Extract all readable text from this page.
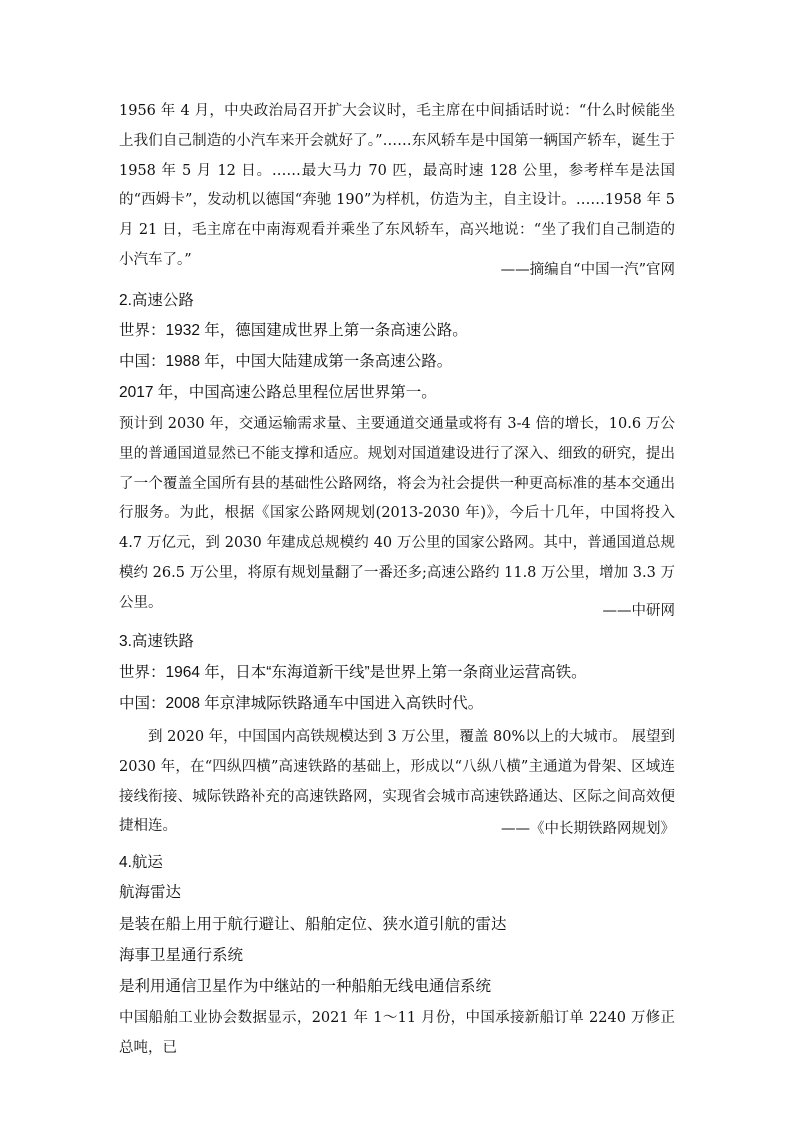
1956 年 4 月，中央政治局召开扩大会议时，毛主席在中间插话时说：“什么时候能坐上我们自己制造的小汽车来开会就好了。”……东风轿车是中国第一辆国产轿车，诞生于 1958 年 5 月 12 日。……最大马力 70 匹，最高时速 128 公里，参考样车是法国的“西姆卡”，发动机以德国“奔驰 190”为样机，仿造为主，自主设计。……1958 年 5 月 21 日，毛主席在中南海观看并乘坐了东风轿车，高兴地说：“坐了我们自己制造的小汽车了。”

——摘编自“中国一汽”官网

2.高速公路

世界：1932 年，德国建成世界上第一条高速公路。

中国：1988 年，中国大陆建成第一条高速公路。

2017 年，中国高速公路总里程位居世界第一。

预计到 2030 年，交通运输需求量、主要通道交通量或将有 3-4 倍的增长，10.6 万公里的普通国道显然已不能支撑和适应。规划对国道建设进行了深入、细致的研究，提出了一个覆盖全国所有县的基础性公路网络，将会为社会提供一种更高标准的基本交通出行服务。为此，根据《国家公路网规划(2013-2030 年)》，今后十几年，中国将投入 4.7 万亿元，到 2030 年建成总规模约 40 万公里的国家公路网。其中，普通国道总规模约 26.5 万公里，将原有规划量翻了一番还多;高速公路约 11.8 万公里，增加 3.3 万公里。

——中研网

3.高速铁路

世界：1964 年，日本“东海道新干线”是世界上第一条商业运营高铁。

中国：2008 年京津城际铁路通车中国进入高铁时代。

到 2020 年，中国国内高铁规模达到 3 万公里，覆盖 80%以上的大城市。 展望到 2030 年，在“四纵四横”高速铁路的基础上，形成以“八纵八横”主通道为骨架、区域连接线衔接、城际铁路补充的高速铁路网，实现省会城市高速铁路通达、区际之间高效便捷相连。	——《中长期铁路网规划》

4.航运

航海雷达

是装在船上用于航行避让、船舶定位、狭水道引航的雷达

海事卫星通行系统

是利用通信卫星作为中继站的一种船舶无线电通信系统

中国船舶工业协会数据显示，2021 年 1～11 月份，中国承接新船订单 2240 万修正总吨，已
